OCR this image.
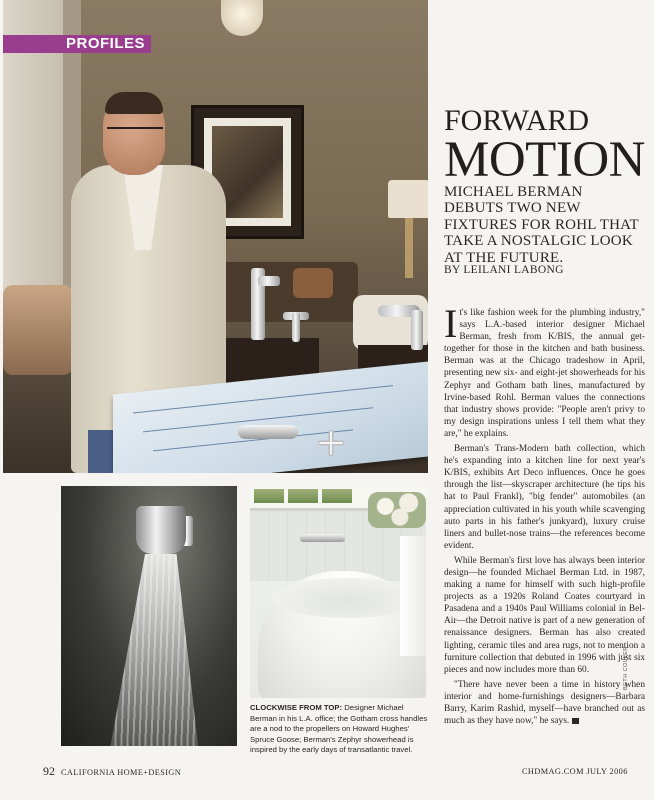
PROFILES
FORWARD
MOTION
MICHAEL BERMAN DEBUTS TWO NEW FIXTURES FOR ROHL THAT TAKE A NOSTALGIC LOOK AT THE FUTURE.
BY LEILANI LABONG

It's like fashion week for the plumbing industry," says L.A.-based interior designer Michael Berman, fresh from K/BIS, the annual get-together for those in the kitchen and bath business. Berman was at the Chicago tradeshow in April, presenting new six- and eight-jet showerheads for his Zephyr and Gotham bath lines, manufactured by Irvine-based Rohl. Berman values the connections that industry shows provide: "People aren't privy to my design inspirations unless I tell them what they are," he explains.

Berman's Trans-Modern bath collection, which he's expanding into a kitchen line for next year's K/BIS, exhibits Art Deco influences. Once he goes through the list—skyscraper architecture (he tips his hat to Paul Frankl), "big fender" automobiles (an appreciation cultivated in his youth while scavenging auto parts in his father's junkyard), luxury cruise liners and bullet-nose trains—the references become evident.

While Berman's first love has always been interior design—he founded Michael Berman Ltd. in 1987, making a name for himself with such high-profile projects as a 1920s Roland Coates courtyard in Pasadena and a 1940s Paul Williams colonial in Bel-Air—the Detroit native is part of a new generation of renaissance designers. Berman has also created lighting, ceramic tiles and area rugs, not to mention a furniture collection that debuted in 1996 with just six pieces and now includes more than 60.

"There have never been a time in history when interior and home-furnishings designers—Barbara Barry, Karim Rashid, myself—have branched out as much as they have now," he says.

CLOCKWISE FROM TOP: Designer Michael Berman in his L.A. office; the Gotham cross handles are a nod to the propellers on Howard Hughes' Spruce Goose; Berman's Zephyr showerhead is inspired by the early days of transatlantic travel.
BETH COLLER
92 CALIFORNIA HOME+DESIGN	CHDMAG.COM JULY 2006
